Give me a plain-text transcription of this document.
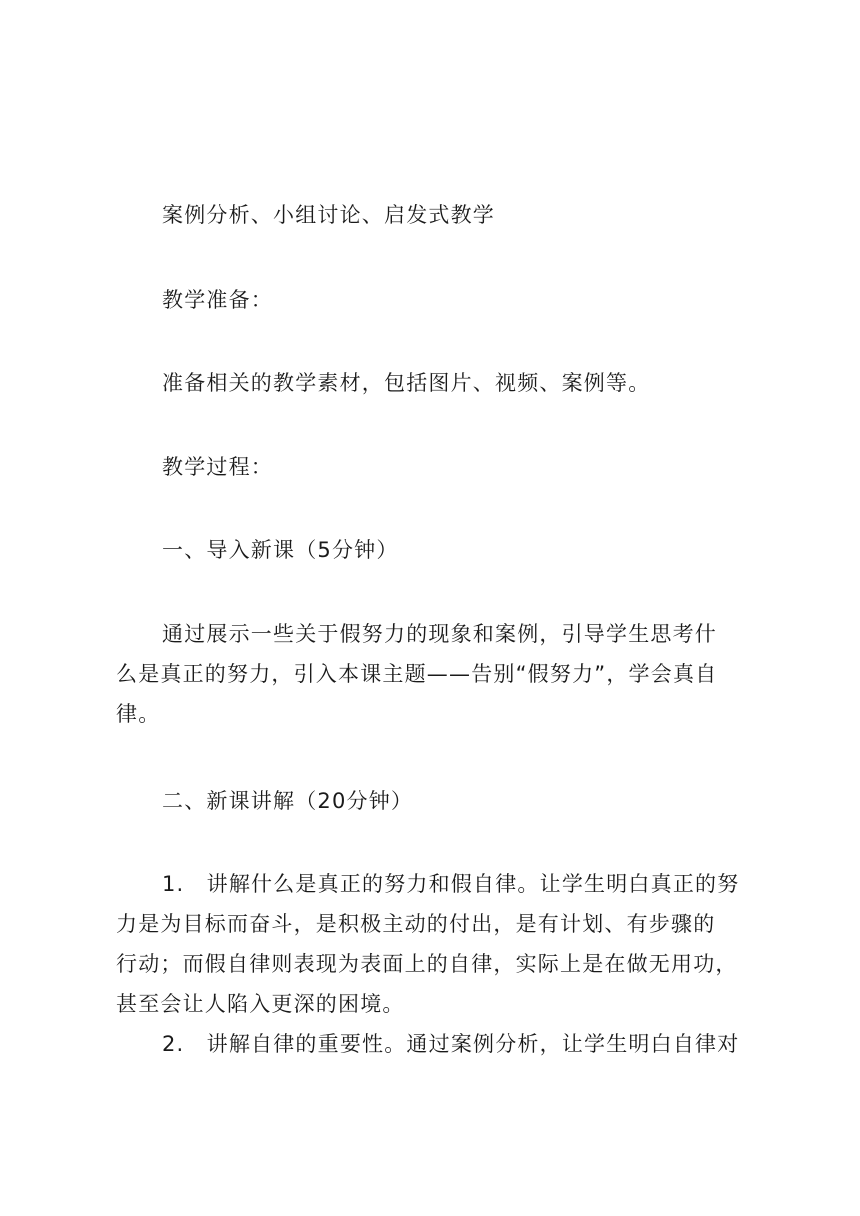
案例分析、小组讨论、启发式教学
教学准备：
准备相关的教学素材，包括图片、视频、案例等。
教学过程：
一、导入新课（5分钟）
通过展示一些关于假努力的现象和案例，引导学生思考什
么是真正的努力，引入本课主题——告别“假努力”，学会真自
律。
二、新课讲解（20分钟）
1.　讲解什么是真正的努力和假自律。让学生明白真正的努
力是为目标而奋斗，是积极主动的付出，是有计划、有步骤的
行动；而假自律则表现为表面上的自律，实际上是在做无用功，
甚至会让人陷入更深的困境。
2.　讲解自律的重要性。通过案例分析，让学生明白自律对
